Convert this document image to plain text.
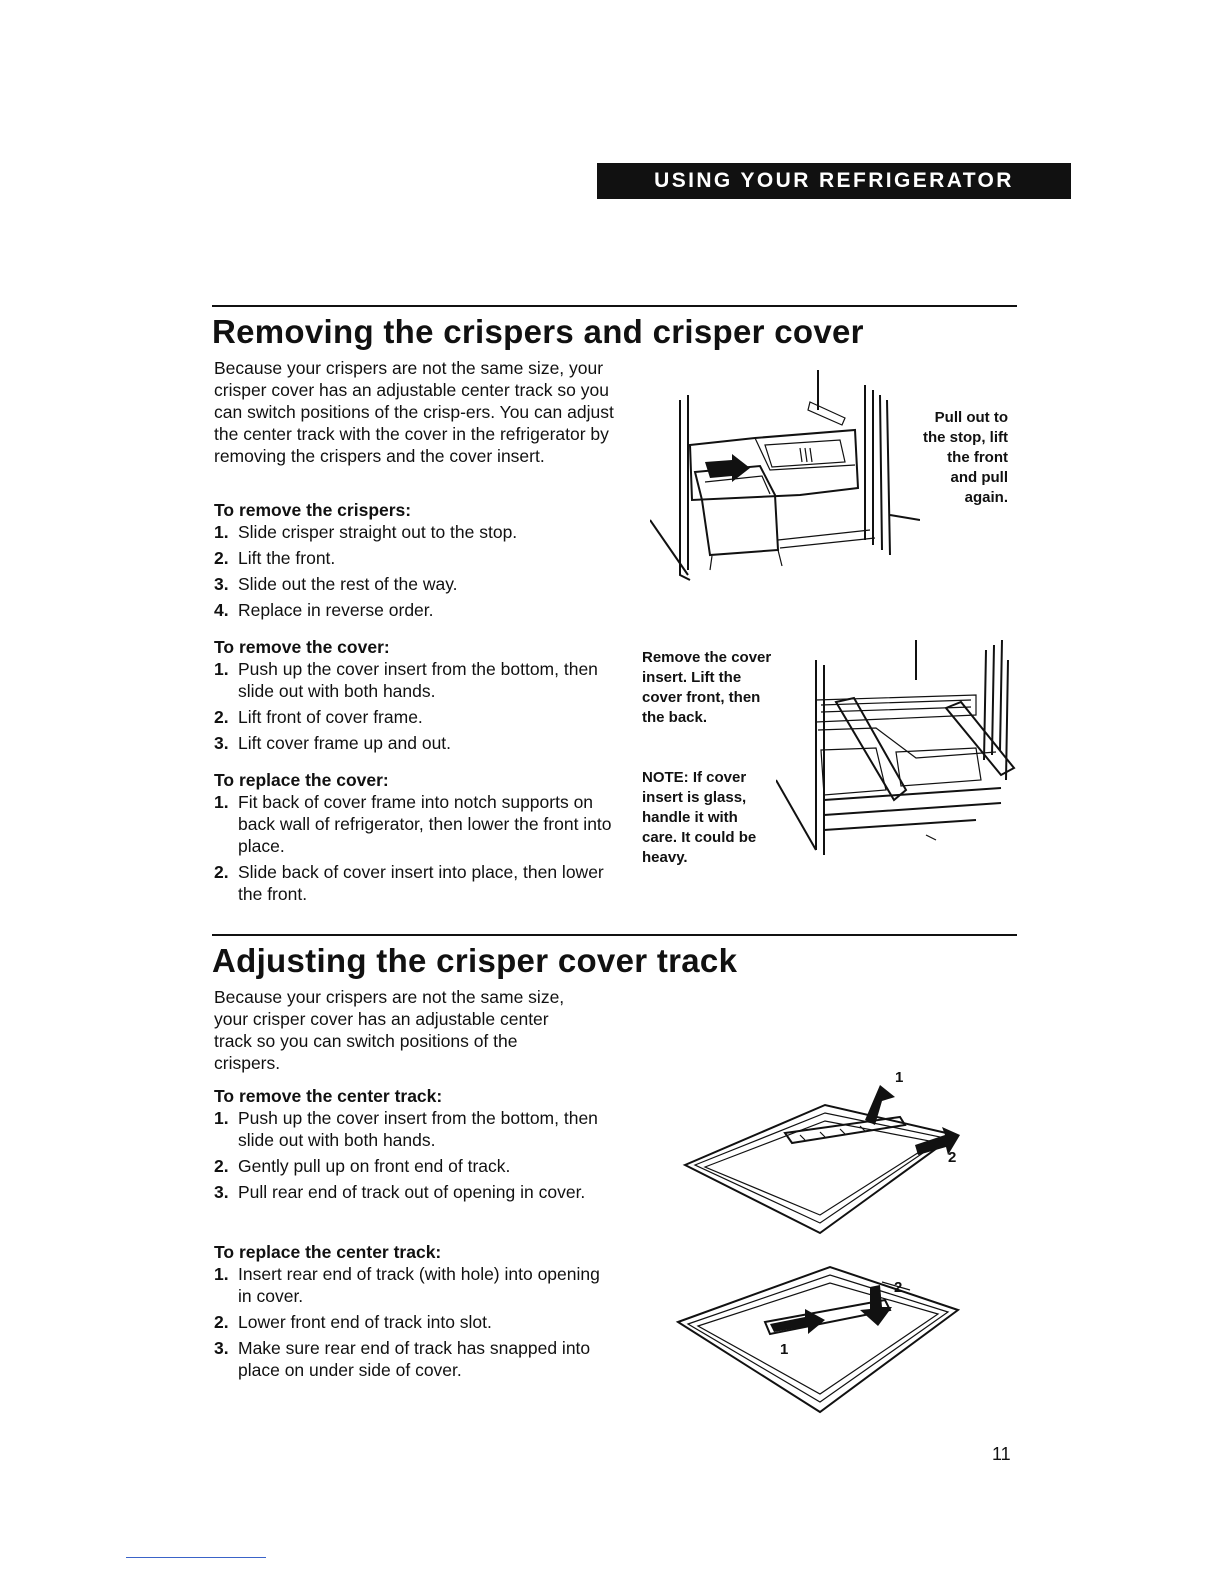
USING YOUR REFRIGERATOR
Removing the crispers and crisper cover
Because your crispers are not the same size, your crisper cover has an adjustable center track so you can switch positions of the crisp-ers. You can adjust the center track with the cover in the refrigerator by removing the crispers and the cover insert.

To remove the crispers:

1. Slide crisper straight out to the stop.
2. Lift the front.
3. Slide out the rest of the way.
4. Replace in reverse order.

To remove the cover:

1. Push up the cover insert from the bottom, then slide out with both hands.
2. Lift front of cover frame.
3. Lift cover frame up and out.

To replace the cover:

1. Fit back of cover frame into notch supports on back wall of refrigerator, then lower the front into place.
2. Slide back of cover insert into place, then lower the front.
Pull out to the stop, lift the front and pull again.
Remove the cover insert. Lift the cover front, then the back.
NOTE: If cover insert is glass, handle it with care. It could be heavy.
Adjusting the crisper cover track
Because your crispers are not the same size, your crisper cover has an adjustable center track so you can switch positions of the crispers.

To remove the center track:

1. Push up the cover insert from the bottom, then slide out with both hands.
2. Gently pull up on front end of track.
3. Pull rear end of track out of opening in cover.

To replace the center track:

1. Insert rear end of track (with hole) into opening in cover.
2. Lower front end of track into slot.
3. Make sure rear end of track has snapped into place on under side of cover.
1
2
2
1
11
